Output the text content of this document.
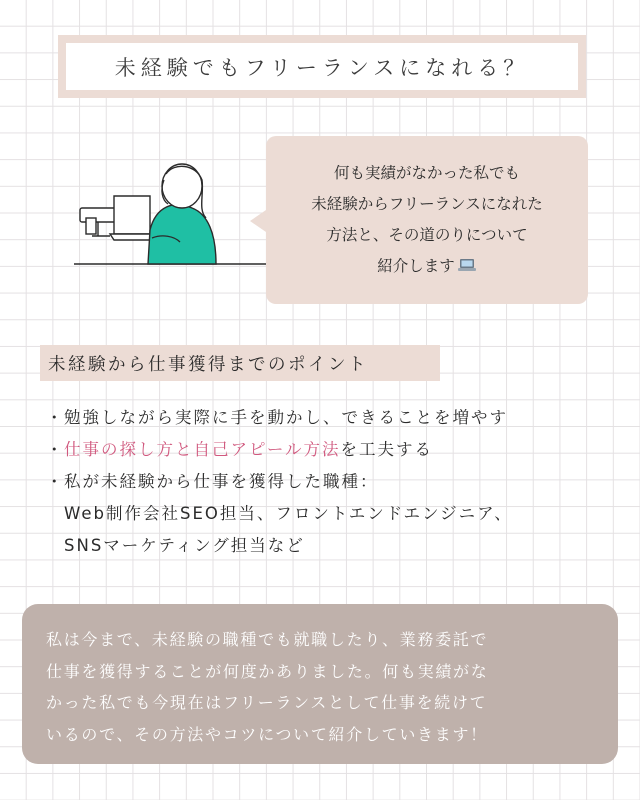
未経験でもフリーランスになれる？
何も実績がなかった私でも
未経験からフリーランスになれた
方法と、その道のりについて
紹介します
未経験から仕事獲得までのポイント
・ 勉強しながら実際に手を動かし、できることを増やす
・ 仕事の探し方と自己アピール方法を工夫する
・ 私が未経験から仕事を獲得した職種：
Web制作会社SEO担当、フロントエンドエンジニア、
SNSマーケティング担当など
私は今まで、未経験の職種でも就職したり、業務委託で
仕事を獲得することが何度かありました。何も実績がな
かった私でも今現在はフリーランスとして仕事を続けて
いるので、その方法やコツについて紹介していきます！
